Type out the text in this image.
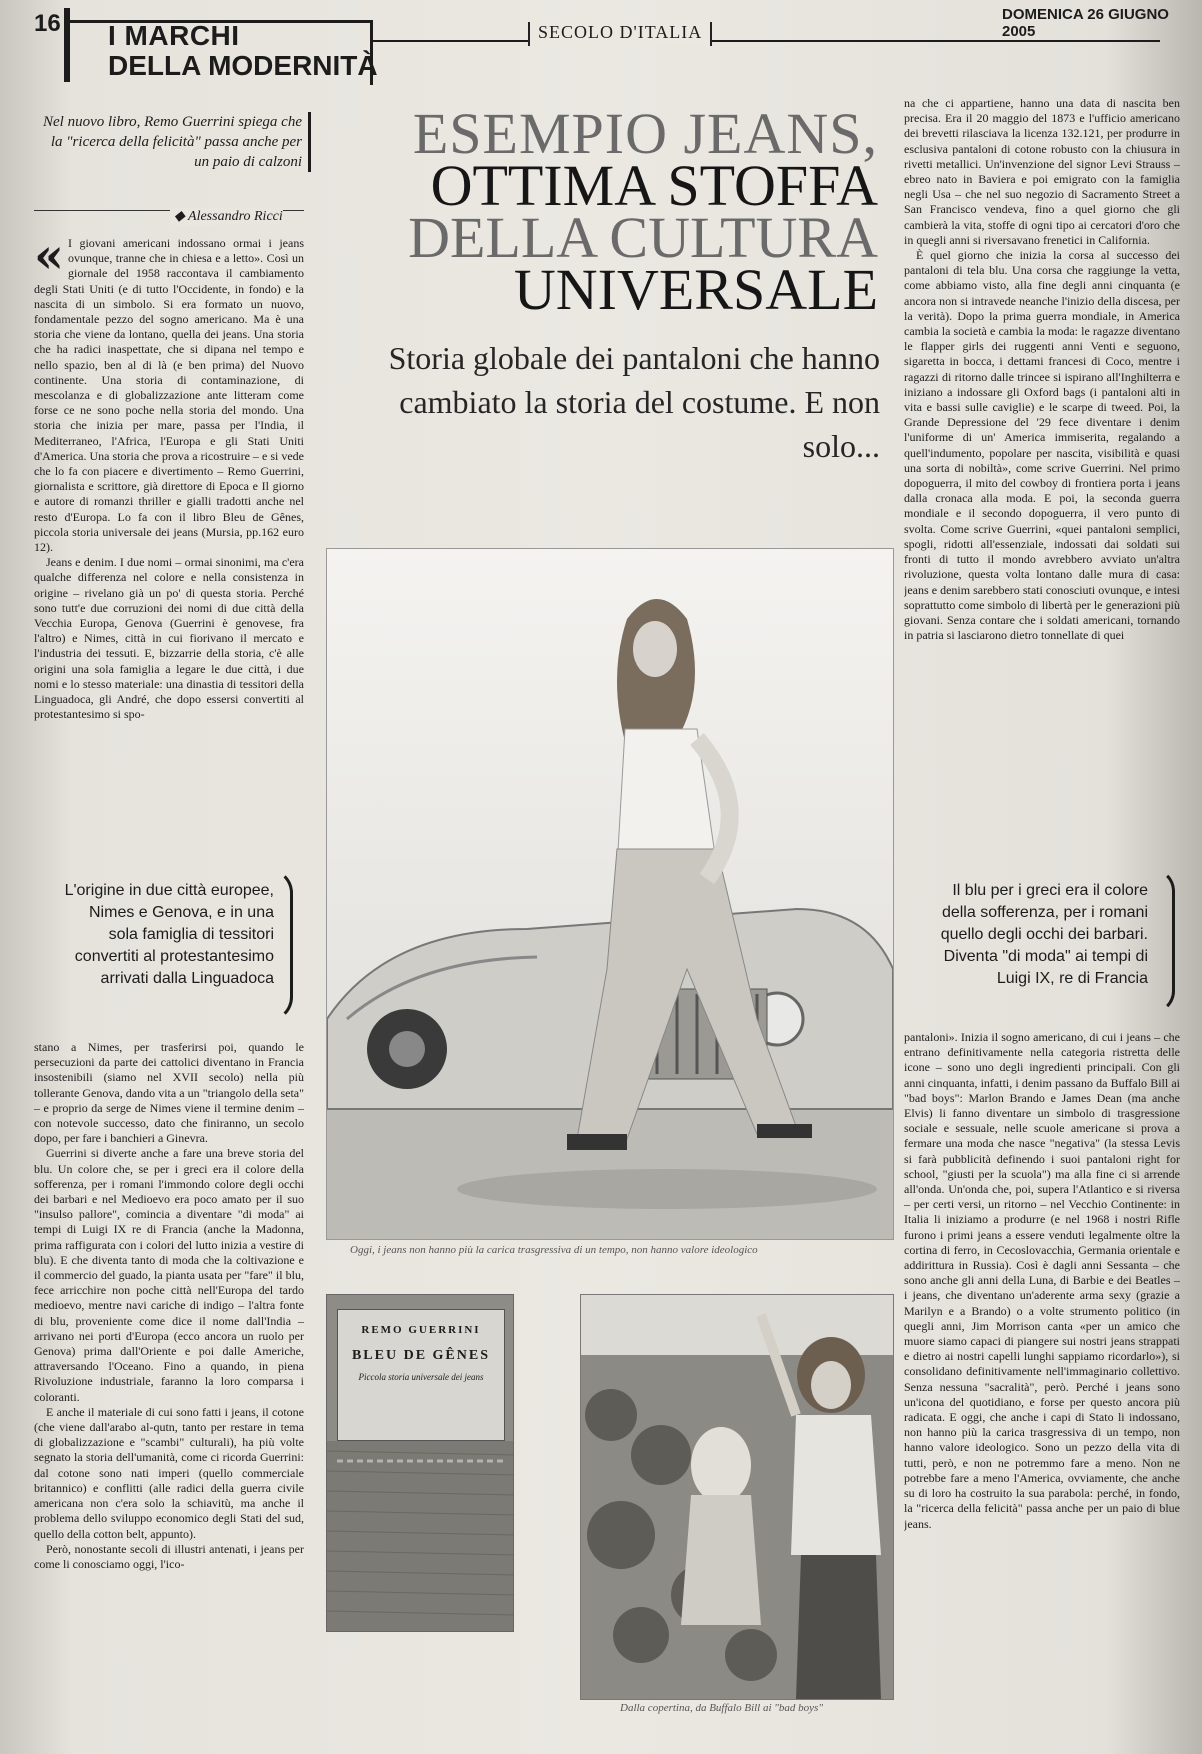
16 I MARCHI
DELLA MODERNITÀ
SECOLO D'ITALIA
DOMENICA 26 GIUGNO 2005
Nel nuovo libro, Remo Guerrini spiega che la "ricerca della felicità" passa anche per un paio di calzoni
◆ Alessandro Ricci
ESEMPIO JEANS,
OTTIMA STOFFA
DELLA CULTURA
UNIVERSALE
Storia globale dei pantaloni che hanno cambiato la storia del costume. E non solo...

« I giovani americani indossano ormai i jeans ovunque, tranne che in chiesa e a letto». Così un giornale del 1958 raccontava il cambiamento degli Stati Uniti (e di tutto l'Occidente, in fondo) e la nascita di un simbolo. Si era formato un nuovo, fondamentale pezzo del sogno americano. Ma è una storia che viene da lontano, quella dei jeans. Una storia che ha radici inaspettate, che si dipana nel tempo e nello spazio, ben al di là (e ben prima) del Nuovo continente. Una storia di contaminazione, di mescolanza e di globalizzazione ante litteram come forse ce ne sono poche nella storia del mondo. Una storia che inizia per mare, passa per l'India, il Mediterraneo, l'Africa, l'Europa e gli Stati Uniti d'America. Una storia che prova a ricostruire – e si vede che lo fa con piacere e divertimento – Remo Guerrini, giornalista e scrittore, già direttore di Epoca e Il giorno e autore di romanzi thriller e gialli tradotti anche nel resto d'Europa. Lo fa con il libro Bleu de Gênes, piccola storia universale dei jeans (Mursia, pp.162 euro 12).

Jeans e denim. I due nomi – ormai sinonimi, ma c'era qualche differenza nel colore e nella consistenza in origine – rivelano già un po' di questa storia. Perché sono tutt'e due corruzioni dei nomi di due città della Vecchia Europa, Genova (Guerrini è genovese, fra l'altro) e Nimes, città in cui fiorivano il mercato e l'industria dei tessuti. E, bizzarrie della storia, c'è alle origini una sola famiglia a legare le due città, i due nomi e lo stesso materiale: una dinastia di tessitori della Linguadoca, gli André, che dopo essersi convertiti al protestantesimo si spo-

L'origine in due città europee, Nimes e Genova, e in una sola famiglia di tessitori convertiti al protestantesimo arrivati dalla Linguadoca

stano a Nimes, per trasferirsi poi, quando le persecuzioni da parte dei cattolici diventano in Francia insostenibili (siamo nel XVII secolo) nella più tollerante Genova, dando vita a un "triangolo della seta" – e proprio da serge de Nimes viene il termine denim – con notevole successo, dato che finiranno, un secolo dopo, per fare i banchieri a Ginevra.

Guerrini si diverte anche a fare una breve storia del blu. Un colore che, se per i greci era il colore della sofferenza, per i romani l'immondo colore degli occhi dei barbari e nel Medioevo era poco amato per il suo "insulso pallore", comincia a diventare "di moda" ai tempi di Luigi IX re di Francia (anche la Madonna, prima raffigurata con i colori del lutto inizia a vestire di blu). E che diventa tanto di moda che la coltivazione e il commercio del guado, la pianta usata per "fare" il blu, fece arricchire non poche città nell'Europa del tardo medioevo, mentre navi cariche di indigo – l'altra fonte di blu, proveniente come dice il nome dall'India – arrivano nei porti d'Europa (ecco ancora un ruolo per Genova) prima dall'Oriente e poi dalle Americhe, attraversando l'Oceano. Fino a quando, in piena Rivoluzione industriale, faranno la loro comparsa i coloranti.

E anche il materiale di cui sono fatti i jeans, il cotone (che viene dall'arabo al-qutn, tanto per restare in tema di globalizzazione e "scambi" culturali), ha più volte segnato la storia dell'umanità, come ci ricorda Guerrini: dal cotone sono nati imperi (quello commerciale britannico) e conflitti (alle radici della guerra civile americana non c'era solo la schiavitù, ma anche il problema dello sviluppo economico degli Stati del sud, quello della cotton belt, appunto).

Però, nonostante secoli di illustri antenati, i jeans per come li conosciamo oggi, l'ico-

Oggi, i jeans non hanno più la carica trasgressiva di un tempo, non hanno valore ideologico

na che ci appartiene, hanno una data di nascita ben precisa. Era il 20 maggio del 1873 e l'ufficio americano dei brevetti rilasciava la licenza 132.121, per produrre in esclusiva pantaloni di cotone robusto con la chiusura in rivetti metallici. Un'invenzione del signor Levi Strauss – ebreo nato in Baviera e poi emigrato con la famiglia negli Usa – che nel suo negozio di Sacramento Street a San Francisco vendeva, fino a quel giorno che gli cambierà la vita, stoffe di ogni tipo ai cercatori d'oro che in quegli anni si riversavano frenetici in California.

È quel giorno che inizia la corsa al successo dei pantaloni di tela blu. Una corsa che raggiunge la vetta, come abbiamo visto, alla fine degli anni cinquanta (e ancora non si intravede neanche l'inizio della discesa, per la verità). Dopo la prima guerra mondiale, in America cambia la società e cambia la moda: le ragazze diventano le flapper girls dei ruggenti anni Venti e seguono, sigaretta in bocca, i dettami francesi di Coco, mentre i ragazzi di ritorno dalle trincee si ispirano all'Inghilterra e iniziano a indossare gli Oxford bags (i pantaloni alti in vita e bassi sulle caviglie) e le scarpe di tweed. Poi, la Grande Depressione del '29 fece diventare i denim l'uniforme di un' America immiserita, regalando a quell'indumento, popolare per nascita, visibilità e quasi una sorta di nobiltà», come scrive Guerrini. Nel primo dopoguerra, il mito del cowboy di frontiera porta i jeans dalla cronaca alla moda. E poi, la seconda guerra mondiale e il secondo dopoguerra, il vero punto di svolta. Come scrive Guerrini, «quei pantaloni semplici, spogli, ridotti all'essenziale, indossati dai soldati sui fronti di tutto il mondo avrebbero avviato un'altra rivoluzione, questa volta lontano dalle mura di casa: jeans e denim sarebbero stati conosciuti ovunque, e intesi soprattutto come simbolo di libertà per le generazioni più giovani. Senza contare che i soldati americani, tornando in patria si lasciarono dietro tonnellate di quei

Il blu per i greci era il colore della sofferenza, per i romani quello degli occhi dei barbari. Diventa "di moda" ai tempi di Luigi IX, re di Francia

pantaloni». Inizia il sogno americano, di cui i jeans – che entrano definitivamente nella categoria ristretta delle icone – sono uno degli ingredienti principali. Con gli anni cinquanta, infatti, i denim passano da Buffalo Bill ai "bad boys": Marlon Brando e James Dean (ma anche Elvis) li fanno diventare un simbolo di trasgressione sociale e sessuale, nelle scuole americane si prova a fermare una moda che nasce "negativa" (la stessa Levis si farà pubblicità definendo i suoi pantaloni right for school, "giusti per la scuola") ma alla fine ci si arrende all'onda. Un'onda che, poi, supera l'Atlantico e si riversa – per certi versi, un ritorno – nel Vecchio Continente: in Italia li iniziamo a produrre (e nel 1968 i nostri Rifle furono i primi jeans a essere venduti legalmente oltre la cortina di ferro, in Cecoslovacchia, Germania orientale e addirittura in Russia). Così è dagli anni Sessanta – che sono anche gli anni della Luna, di Barbie e dei Beatles – i jeans, che diventano un'aderente arma sexy (grazie a Marilyn e a Brando) o a volte strumento politico (in quegli anni, Jim Morrison canta «per un amico che muore siamo capaci di piangere sui nostri jeans strappati e dietro ai nostri capelli lunghi sappiamo ricordarlo»), si consolidano definitivamente nell'immaginario collettivo. Senza nessuna "sacralità", però. Perché i jeans sono un'icona del quotidiano, e forse per questo ancora più radicata. E oggi, che anche i capi di Stato li indossano, non hanno più la carica trasgressiva di un tempo, non hanno valore ideologico. Sono un pezzo della vita di tutti, però, e non ne potremmo fare a meno. Non ne potrebbe fare a meno l'America, ovviamente, che anche su di loro ha costruito la sua parabola: perché, in fondo, la "ricerca della felicità" passa anche per un paio di blue jeans.

REMO GUERRINI
BLEU DE GÊNES
Piccola storia universale dei jeans
Dalla copertina, da Buffalo Bill ai "bad boys"
